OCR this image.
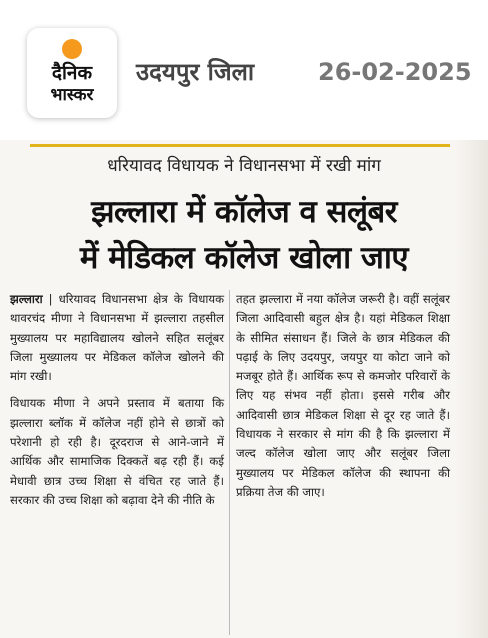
दैनिक
भास्कर
उदयपुर जिला	26-02-2025
धरियावद विधायक ने विधानसभा में रखी मांग
झल्लारा में कॉलेज व सलूंबर
में मेडिकल कॉलेज खोला जाए

झल्लारा | धरियावद विधानसभा क्षेत्र के विधायक थावरचंद मीणा ने विधानसभा में झल्लारा तहसील मुख्यालय पर महाविद्यालय खोलने सहित सलूंबर जिला मुख्यालय पर मेडिकल कॉलेज खोलने की मांग रखी।

विधायक मीणा ने अपने प्रस्ताव में बताया कि झल्लारा ब्लॉक में कॉलेज नहीं होने से छात्रों को परेशानी हो रही है। दूरदराज से आने-जाने में आर्थिक और सामाजिक दिक्कतें बढ़ रही हैं। कई मेधावी छात्र उच्च शिक्षा से वंचित रह जाते हैं। सरकार की उच्च शिक्षा को बढ़ावा देने की नीति के

तहत झल्लारा में नया कॉलेज जरूरी है। वहीं सलूंबर जिला आदिवासी बहुल क्षेत्र है। यहां मेडिकल शिक्षा के सीमित संसाधन हैं। जिले के छात्र मेडिकल की पढ़ाई के लिए उदयपुर, जयपुर या कोटा जाने को मजबूर होते हैं। आर्थिक रूप से कमजोर परिवारों के लिए यह संभव नहीं होता। इससे गरीब और आदिवासी छात्र मेडिकल शिक्षा से दूर रह जाते हैं। विधायक ने सरकार से मांग की है कि झल्लारा में जल्द कॉलेज खोला जाए और सलूंबर जिला मुख्यालय पर मेडिकल कॉलेज की स्थापना की प्रक्रिया तेज की जाए।
